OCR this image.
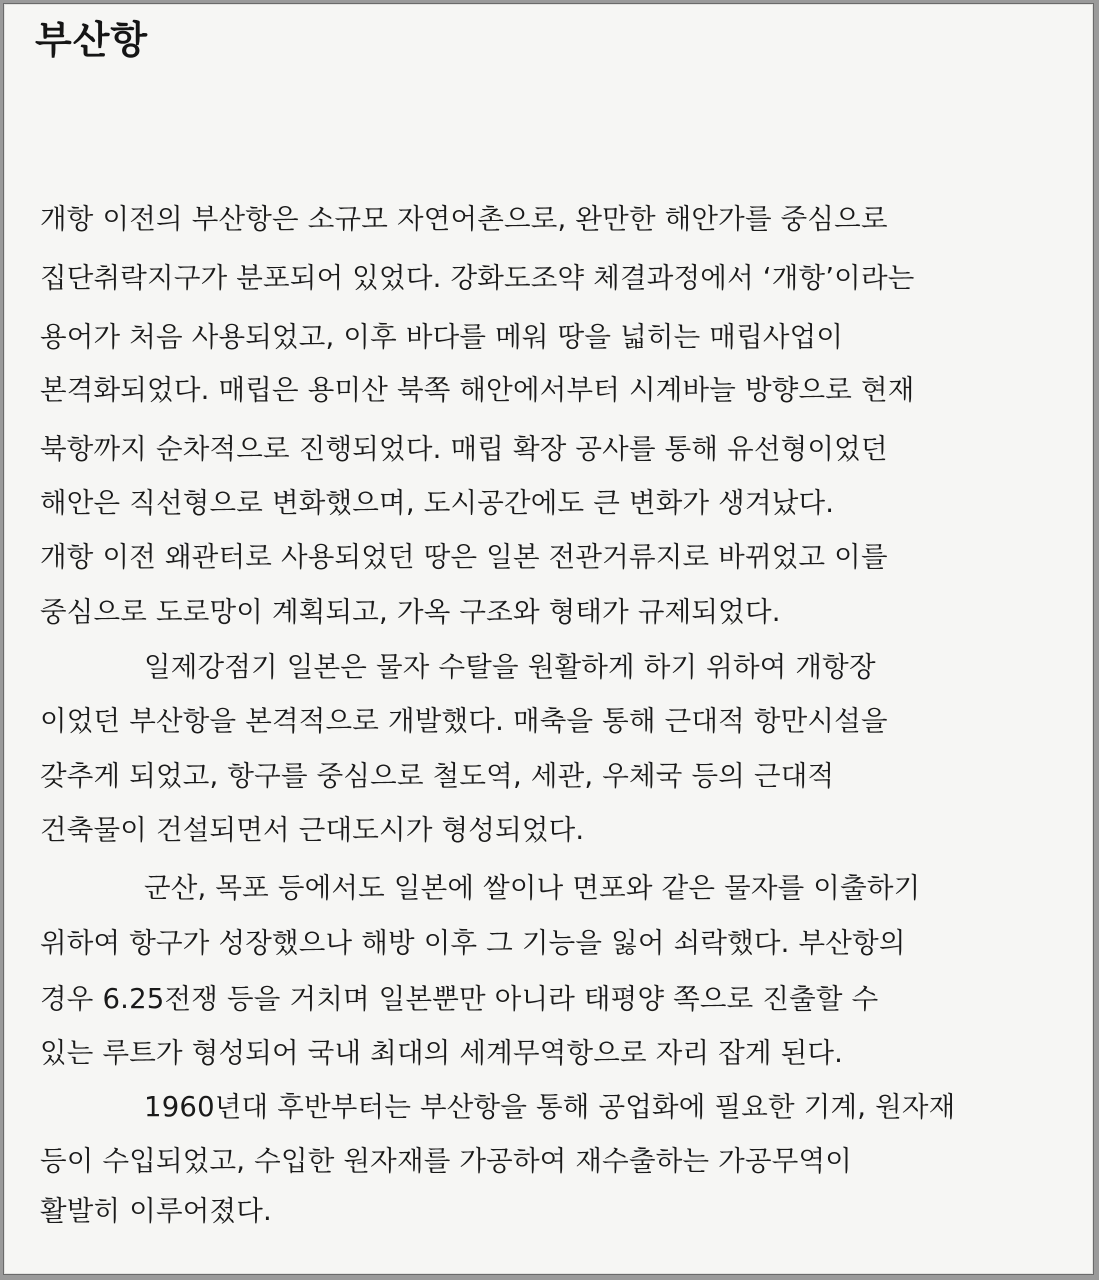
부산항
개항 이전의 부산항은 소규모 자연어촌으로, 완만한 해안가를 중심으로
집단취락지구가 분포되어 있었다. 강화도조약 체결과정에서 ‘개항’이라는
용어가 처음 사용되었고, 이후 바다를 메워 땅을 넓히는 매립사업이
본격화되었다. 매립은 용미산 북쪽 해안에서부터 시계바늘 방향으로 현재
북항까지 순차적으로 진행되었다. 매립 확장 공사를 통해 유선형이었던
해안은 직선형으로 변화했으며, 도시공간에도 큰 변화가 생겨났다.
개항 이전 왜관터로 사용되었던 땅은 일본 전관거류지로 바뀌었고 이를
중심으로 도로망이 계획되고, 가옥 구조와 형태가 규제되었다.
일제강점기 일본은 물자 수탈을 원활하게 하기 위하여 개항장
이었던 부산항을 본격적으로 개발했다. 매축을 통해 근대적 항만시설을
갖추게 되었고, 항구를 중심으로 철도역, 세관, 우체국 등의 근대적
건축물이 건설되면서 근대도시가 형성되었다.
군산, 목포 등에서도 일본에 쌀이나 면포와 같은 물자를 이출하기
위하여 항구가 성장했으나 해방 이후 그 기능을 잃어 쇠락했다. 부산항의
경우 6.25전쟁 등을 거치며 일본뿐만 아니라 태평양 쪽으로 진출할 수
있는 루트가 형성되어 국내 최대의 세계무역항으로 자리 잡게 된다.
1960년대 후반부터는 부산항을 통해 공업화에 필요한 기계, 원자재
등이 수입되었고, 수입한 원자재를 가공하여 재수출하는 가공무역이
활발히 이루어졌다.
